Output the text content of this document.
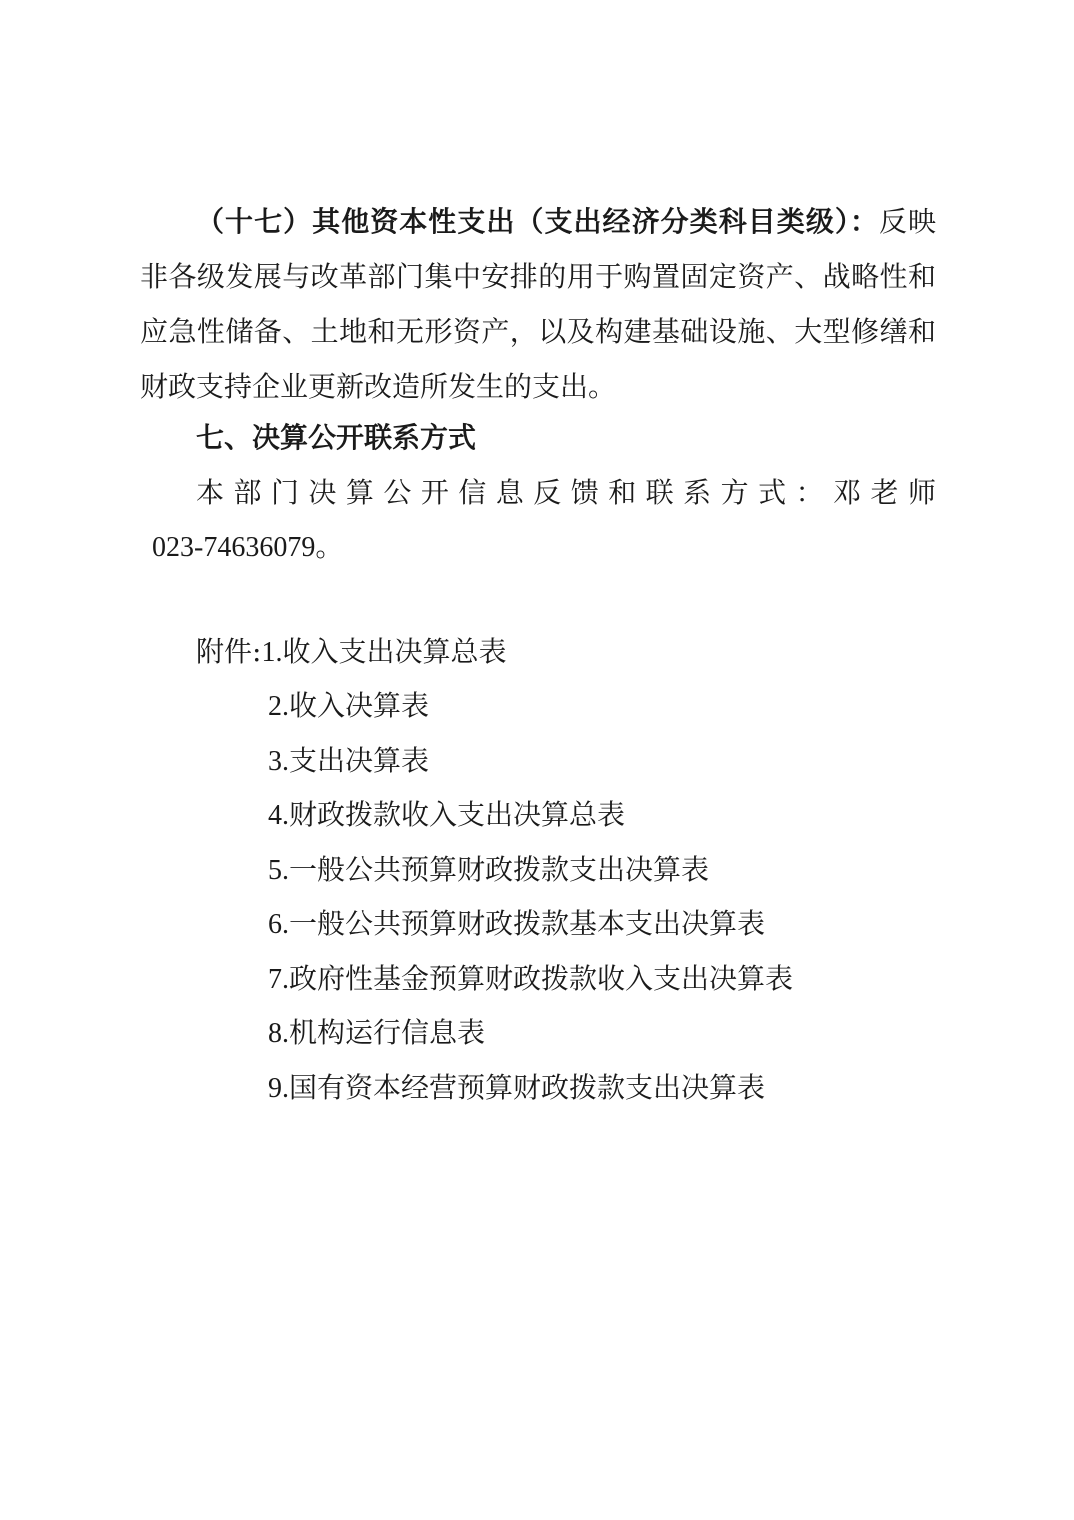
（十七）其他资本性支出（支出经济分类科目类级）：反映非各级发展与改革部门集中安排的用于购置固定资产、战略性和应急性储备、土地和无形资产，以及构建基础设施、大型修缮和财政支持企业更新改造所发生的支出。

七、决算公开联系方式

本部门决算公开信息反馈和联系方式：邓老师

023-74636079。

附件:1.收入支出决算总表

2.收入决算表
3.支出决算表
4.财政拨款收入支出决算总表
5.一般公共预算财政拨款支出决算表
6.一般公共预算财政拨款基本支出决算表
7.政府性基金预算财政拨款收入支出决算表
8.机构运行信息表
9.国有资本经营预算财政拨款支出决算表
